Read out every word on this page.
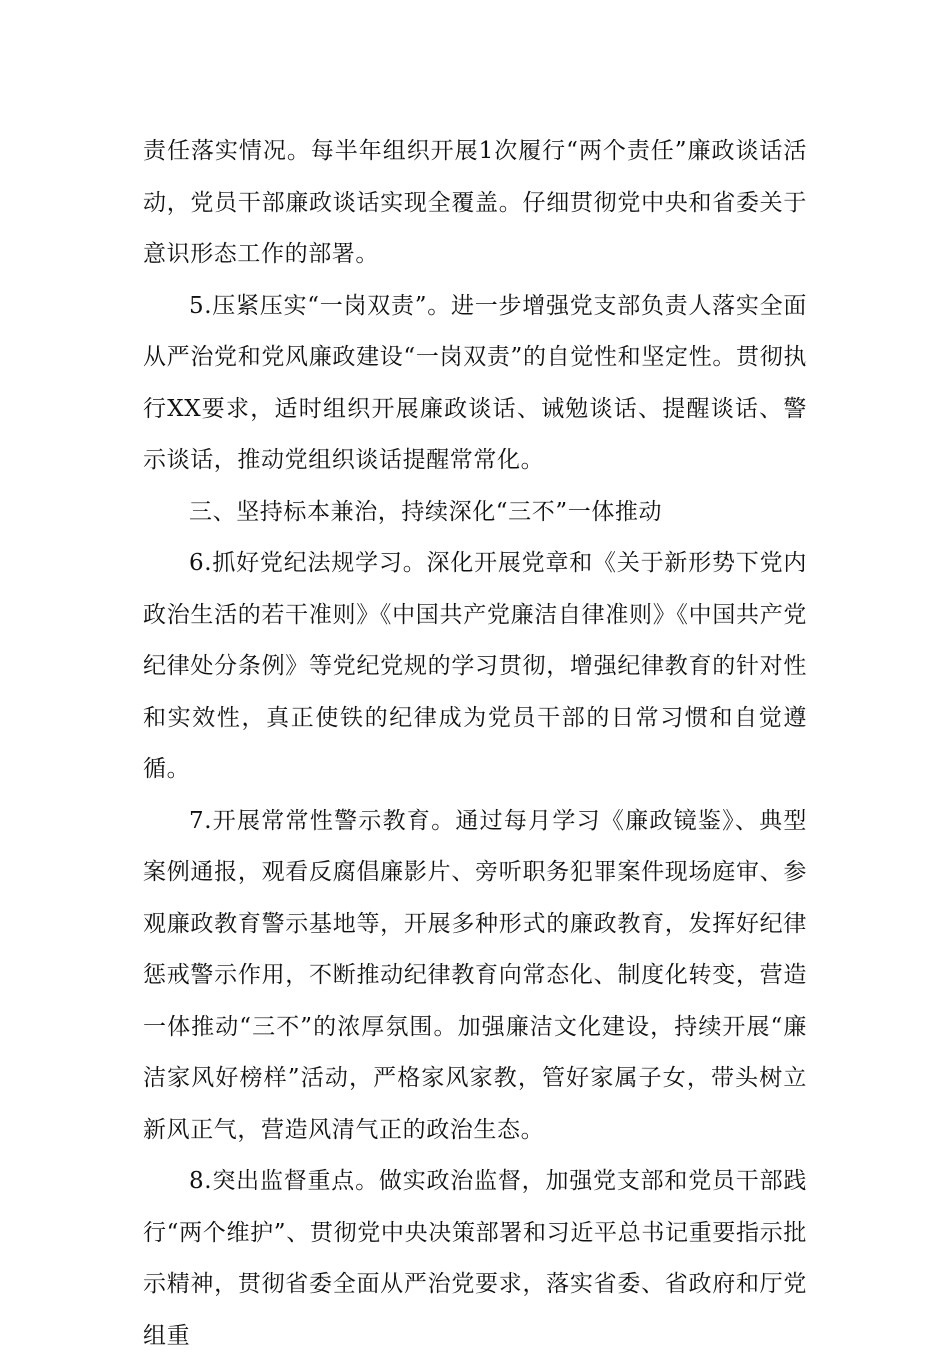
责任落实情况。每半年组织开展1次履行“两个责任”廉政谈话活动，党员干部廉政谈话实现全覆盖。仔细贯彻党中央和省委关于意识形态工作的部署。

5.压紧压实“一岗双责”。进一步增强党支部负责人落实全面从严治党和党风廉政建设“一岗双责”的自觉性和坚定性。贯彻执行XX要求，适时组织开展廉政谈话、诫勉谈话、提醒谈话、警示谈话，推动党组织谈话提醒常常化。

三、坚持标本兼治，持续深化“三不”一体推动

6.抓好党纪法规学习。深化开展党章和《关于新形势下党内政治生活的若干准则》《中国共产党廉洁自律准则》《中国共产党纪律处分条例》等党纪党规的学习贯彻，增强纪律教育的针对性和实效性，真正使铁的纪律成为党员干部的日常习惯和自觉遵循。

7.开展常常性警示教育。通过每月学习《廉政镜鉴》、典型案例通报，观看反腐倡廉影片、旁听职务犯罪案件现场庭审、参观廉政教育警示基地等，开展多种形式的廉政教育，发挥好纪律惩戒警示作用，不断推动纪律教育向常态化、制度化转变，营造一体推动“三不”的浓厚氛围。加强廉洁文化建设，持续开展“廉洁家风好榜样”活动，严格家风家教，管好家属子女，带头树立新风正气，营造风清气正的政治生态。

8.突出监督重点。做实政治监督，加强党支部和党员干部践行“两个维护”、贯彻党中央决策部署和习近平总书记重要指示批示精神，贯彻省委全面从严治党要求，落实省委、省政府和厅党组重
